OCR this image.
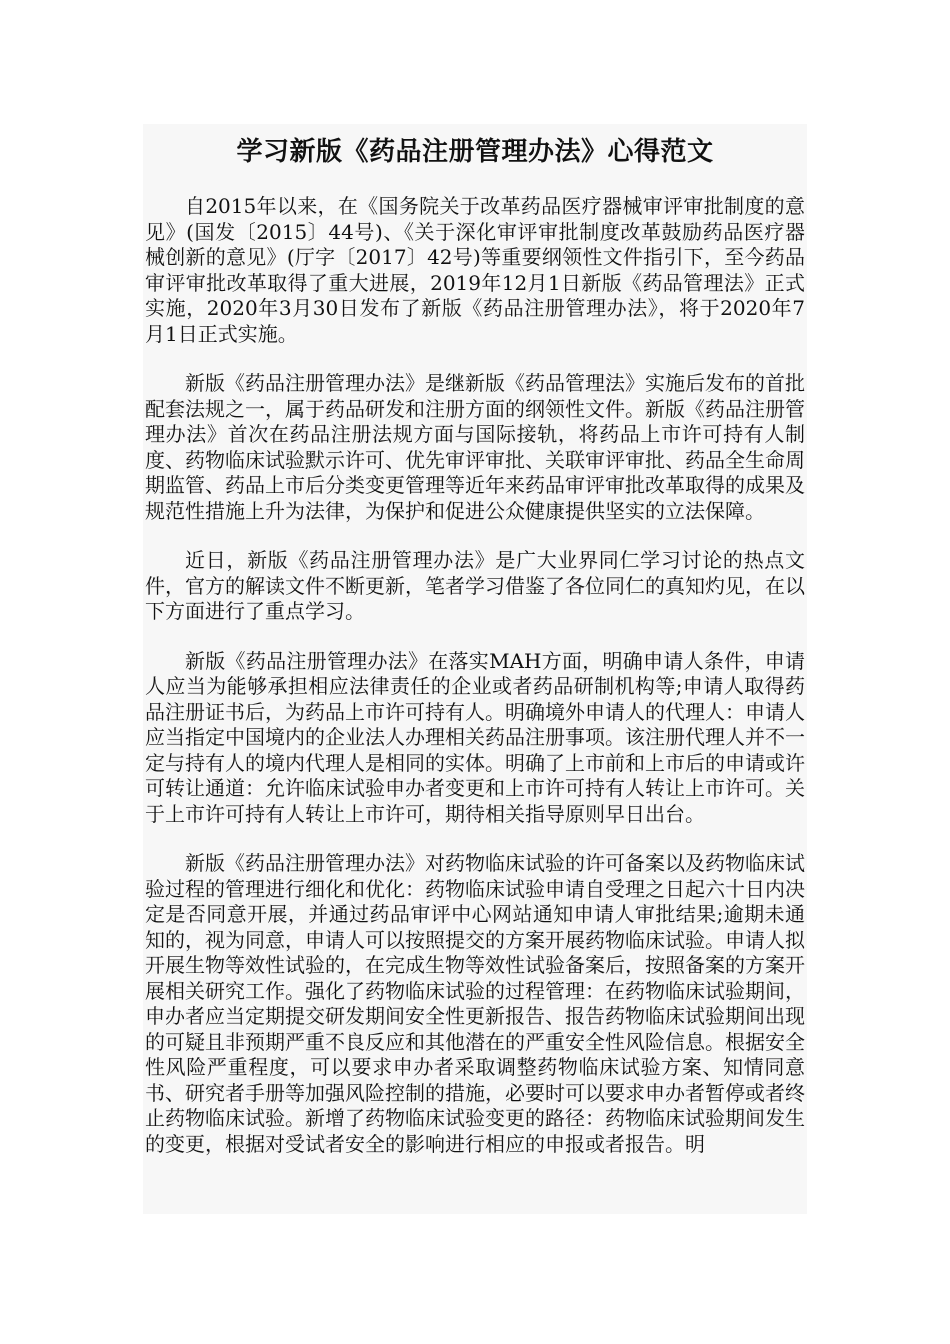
学习新版《药品注册管理办法》心得范文

自2015年以来，在《国务院关于改革药品医疗器械审评审批制度的意见》(国发〔2015〕44号)、《关于深化审评审批制度改革鼓励药品医疗器械创新的意见》(厅字〔2017〕42号)等重要纲领性文件指引下，至今药品审评审批改革取得了重大进展，2019年12月1日新版《药品管理法》正式实施，2020年3月30日发布了新版《药品注册管理办法》，将于2020年7月1日正式实施。

新版《药品注册管理办法》是继新版《药品管理法》实施后发布的首批配套法规之一，属于药品研发和注册方面的纲领性文件。新版《药品注册管理办法》首次在药品注册法规方面与国际接轨，将药品上市许可持有人制度、药物临床试验默示许可、优先审评审批、关联审评审批、药品全生命周期监管、药品上市后分类变更管理等近年来药品审评审批改革取得的成果及规范性措施上升为法律，为保护和促进公众健康提供坚实的立法保障。

近日，新版《药品注册管理办法》是广大业界同仁学习讨论的热点文件，官方的解读文件不断更新，笔者学习借鉴了各位同仁的真知灼见，在以下方面进行了重点学习。

新版《药品注册管理办法》在落实MAH方面，明确申请人条件，申请人应当为能够承担相应法律责任的企业或者药品研制机构等;申请人取得药品注册证书后，为药品上市许可持有人。明确境外申请人的代理人：申请人应当指定中国境内的企业法人办理相关药品注册事项。该注册代理人并不一定与持有人的境内代理人是相同的实体。明确了上市前和上市后的申请或许可转让通道：允许临床试验申办者变更和上市许可持有人转让上市许可。关于上市许可持有人转让上市许可，期待相关指导原则早日出台。

新版《药品注册管理办法》对药物临床试验的许可备案以及药物临床试验过程的管理进行细化和优化：药物临床试验申请自受理之日起六十日内决定是否同意开展，并通过药品审评中心网站通知申请人审批结果;逾期未通知的，视为同意，申请人可以按照提交的方案开展药物临床试验。申请人拟开展生物等效性试验的，在完成生物等效性试验备案后，按照备案的方案开展相关研究工作。强化了药物临床试验的过程管理：在药物临床试验期间，申办者应当定期提交研发期间安全性更新报告、报告药物临床试验期间出现的可疑且非预期严重不良反应和其他潜在的严重安全性风险信息。根据安全性风险严重程度，可以要求申办者采取调整药物临床试验方案、知情同意书、研究者手册等加强风险控制的措施，必要时可以要求申办者暂停或者终止药物临床试验。新增了药物临床试验变更的路径：药物临床试验期间发生的变更，根据对受试者安全的影响进行相应的申报或者报告。明
